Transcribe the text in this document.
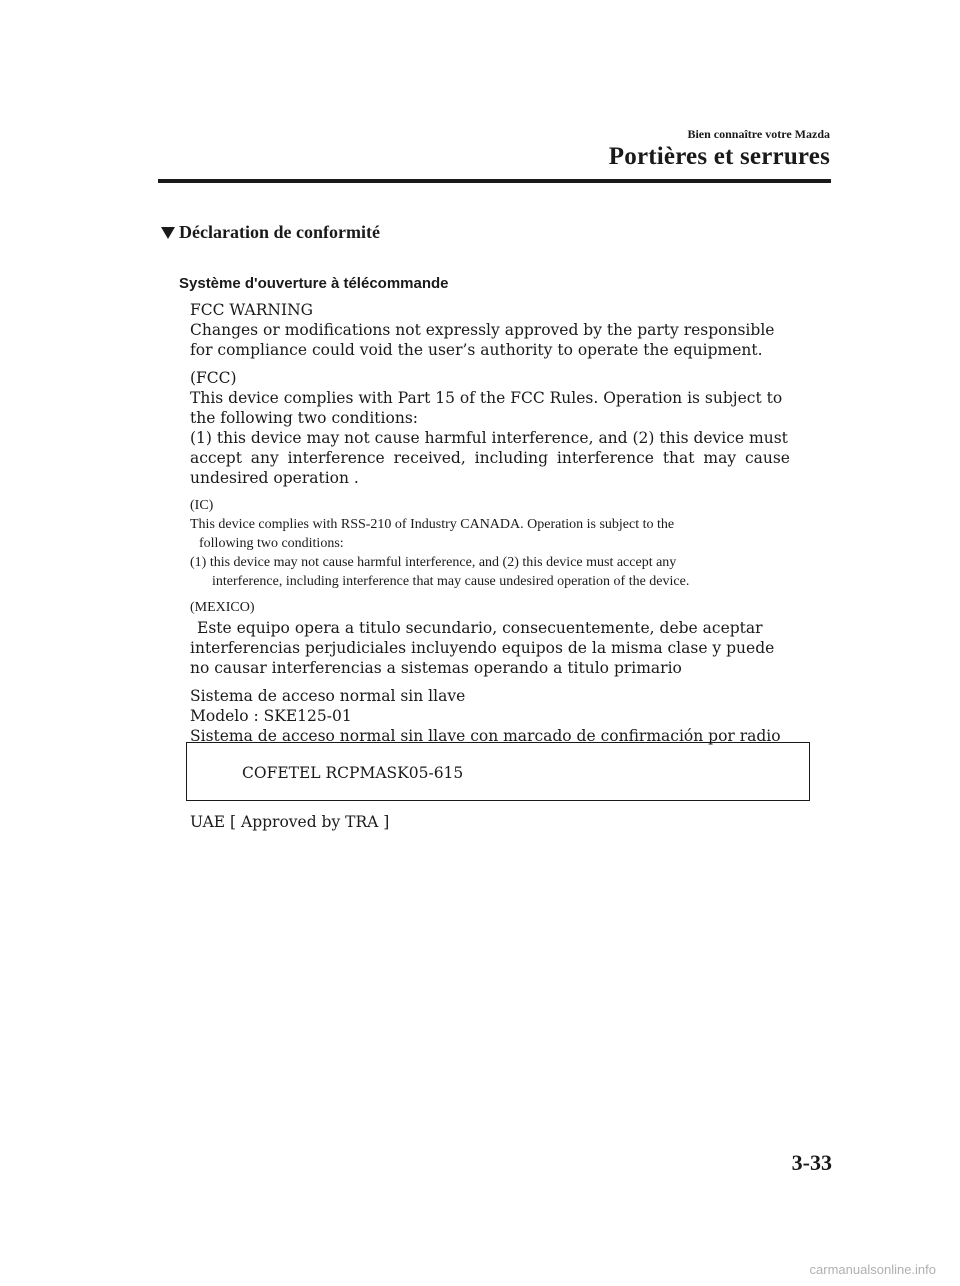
Bien connaître votre Mazda
Portières et serrures
Déclaration de conformité
Système d'ouverture à télécommande
FCC WARNING
Changes or modifications not expressly approved by the party responsible
for compliance could void the user’s authority to operate the equipment.
(FCC)
This device complies with Part 15 of the FCC Rules. Operation is subject to
the following two conditions:
(1) this device may not cause harmful interference, and (2) this device must
accept any interference received, including interference that may cause
undesired operation .
(IC)
This device complies with RSS-210 of Industry CANADA. Operation is subject to the
following two conditions:
(1) this device may not cause harmful interference, and (2) this device must accept any
interference, including interference that may cause undesired operation of the device.
(MEXICO)
Este equipo opera a titulo secundario, consecuentemente, debe aceptar
interferencias perjudiciales incluyendo equipos de la misma clase y puede
no causar interferencias a sistemas operando a titulo primario
Sistema de acceso normal sin llave
Modelo : SKE125-01
Sistema de acceso normal sin llave con marcado de confirmación por radio
COFETEL RCPMASK05-615
UAE [ Approved by TRA ]
3-33
carmanualsonline.info
